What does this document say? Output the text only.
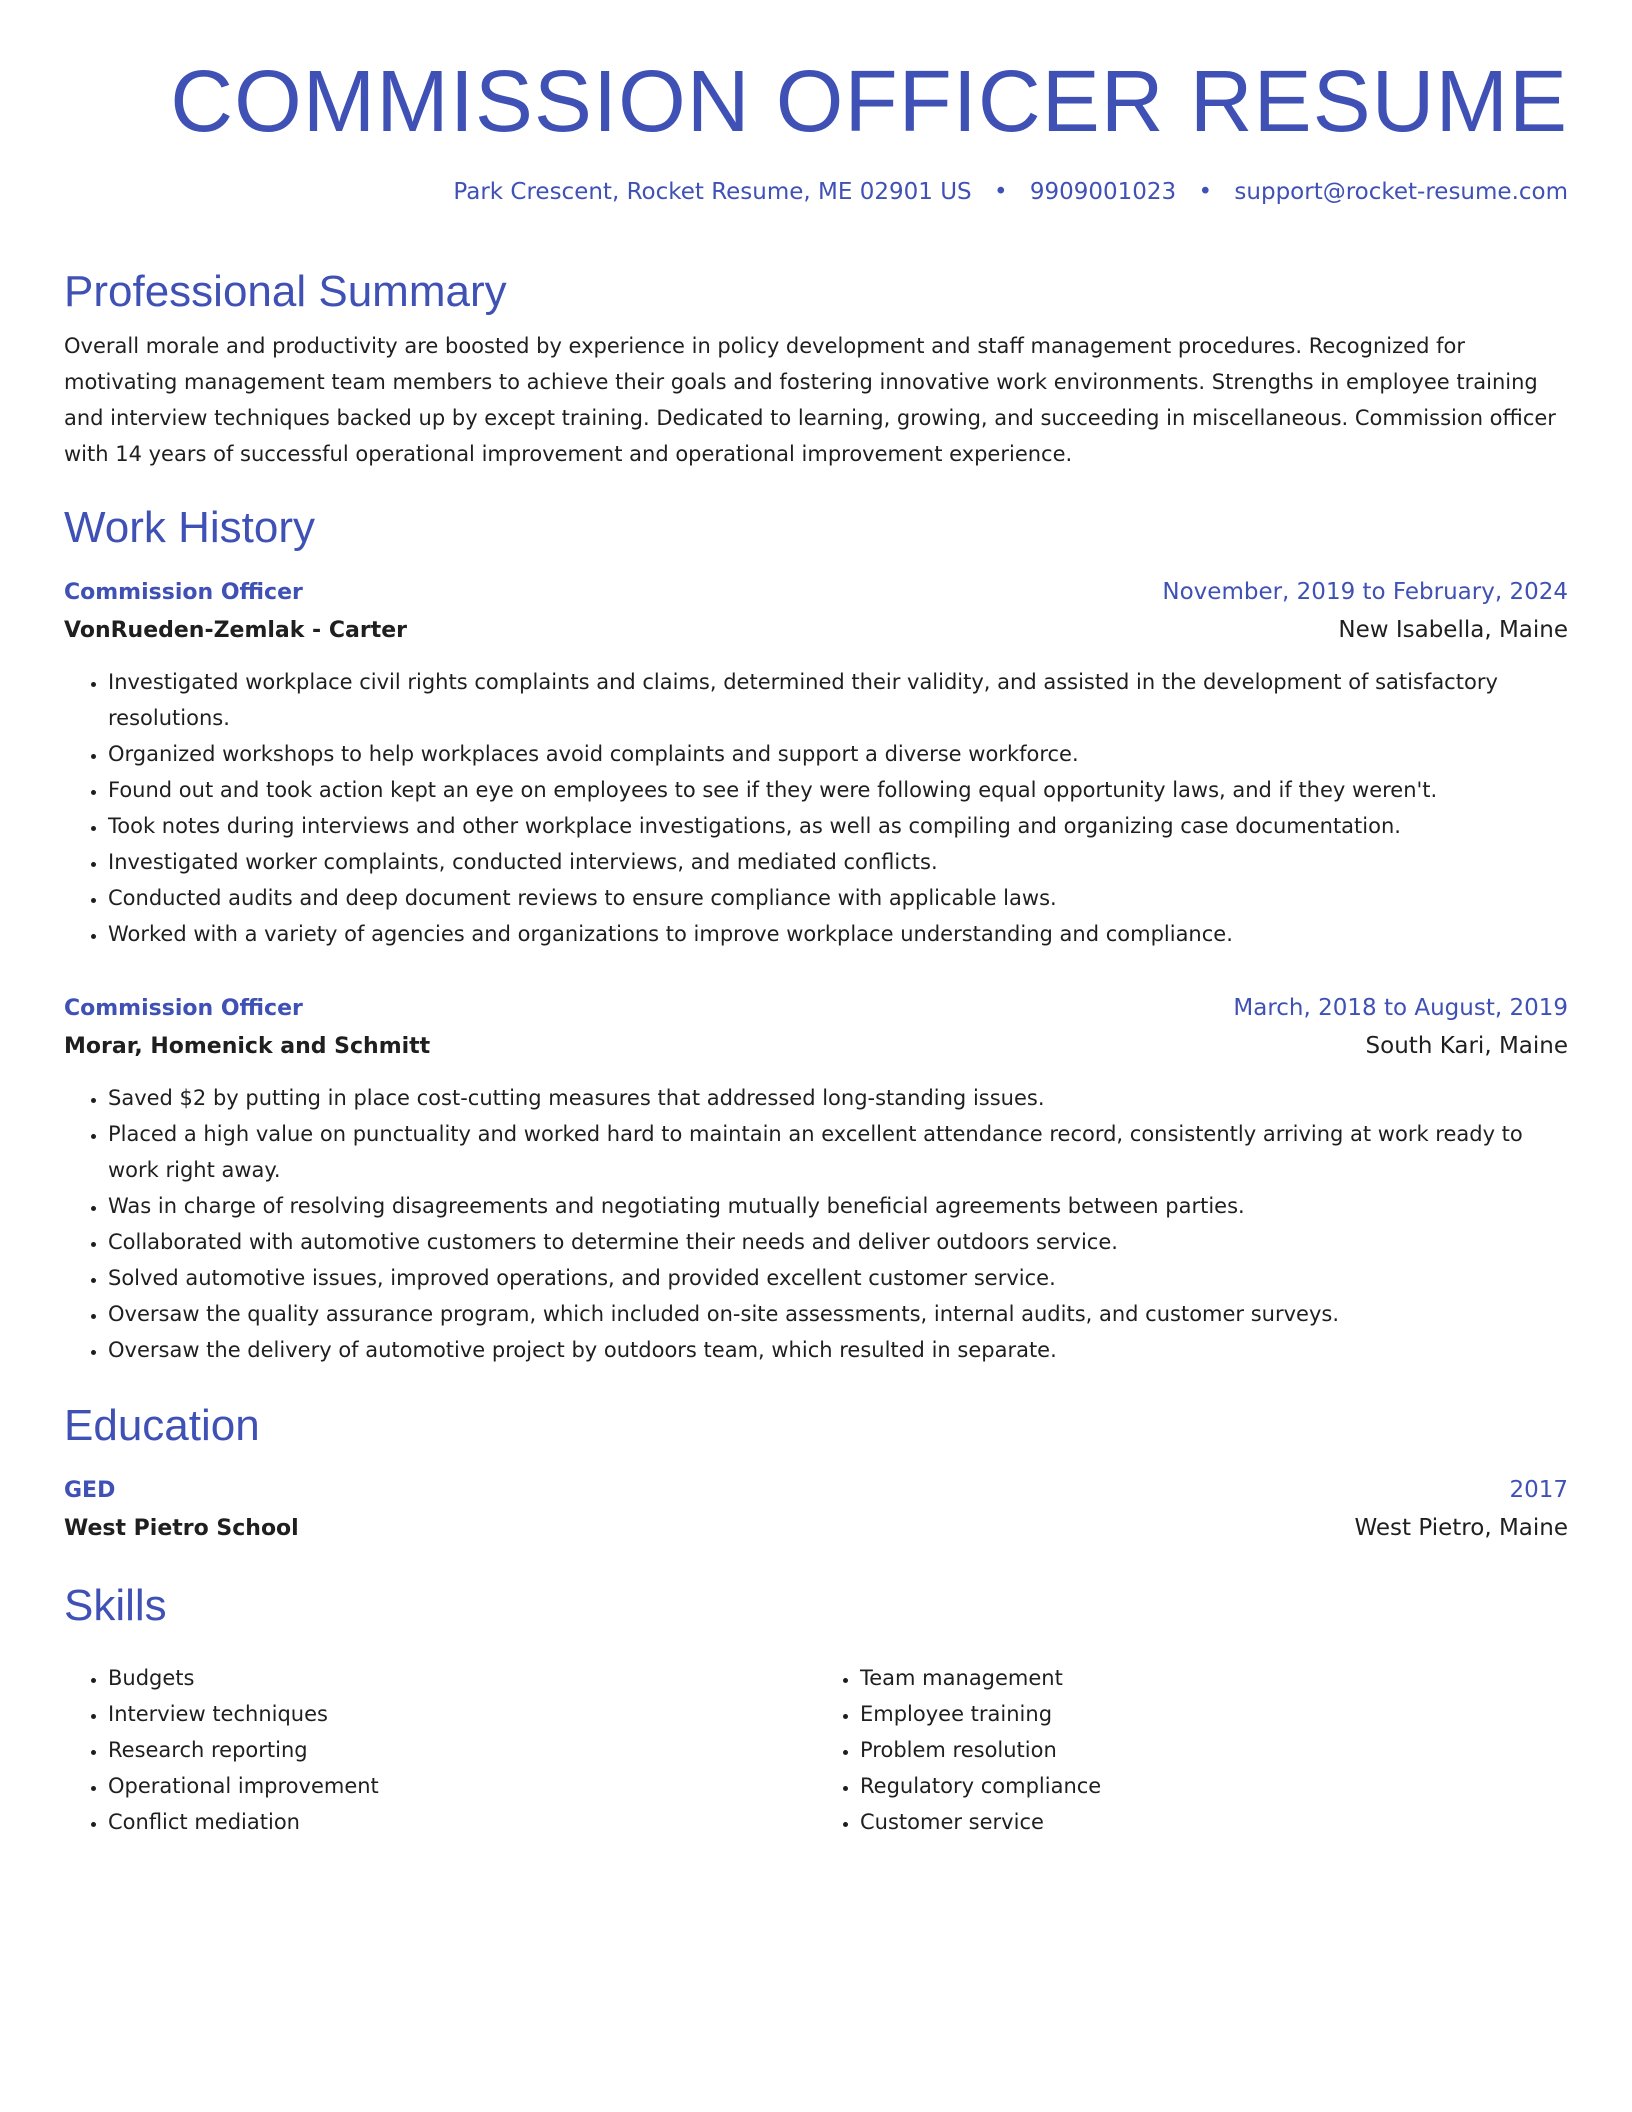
COMMISSION OFFICER RESUME
Park Crescent, Rocket Resume, ME 02901 US • 9909001023 • support@rocket-resume.com
Professional Summary

Overall morale and productivity are boosted by experience in policy development and staff management procedures. Recognized for motivating management team members to achieve their goals and fostering innovative work environments. Strengths in employee training and interview techniques backed up by except training. Dedicated to learning, growing, and succeeding in miscellaneous. Commission officer with 14 years of successful operational improvement and operational improvement experience.

Work History
Commission Officer	November, 2019 to February, 2024
VonRueden-Zemlak - Carter	New Isabella, Maine
• Investigated workplace civil rights complaints and claims, determined their validity, and assisted in the development of satisfactory resolutions.
• Organized workshops to help workplaces avoid complaints and support a diverse workforce.
• Found out and took action kept an eye on employees to see if they were following equal opportunity laws, and if they weren't.
• Took notes during interviews and other workplace investigations, as well as compiling and organizing case documentation.
• Investigated worker complaints, conducted interviews, and mediated conflicts.
• Conducted audits and deep document reviews to ensure compliance with applicable laws.
• Worked with a variety of agencies and organizations to improve workplace understanding and compliance.
Commission Officer	March, 2018 to August, 2019
Morar, Homenick and Schmitt	South Kari, Maine
• Saved $2 by putting in place cost-cutting measures that addressed long-standing issues.
• Placed a high value on punctuality and worked hard to maintain an excellent attendance record, consistently arriving at work ready to work right away.
• Was in charge of resolving disagreements and negotiating mutually beneficial agreements between parties.
• Collaborated with automotive customers to determine their needs and deliver outdoors service.
• Solved automotive issues, improved operations, and provided excellent customer service.
• Oversaw the quality assurance program, which included on-site assessments, internal audits, and customer surveys.
• Oversaw the delivery of automotive project by outdoors team, which resulted in separate.
Education
GED	2017
West Pietro School	West Pietro, Maine
Skills
• Budgets
• Interview techniques
• Research reporting
• Operational improvement
• Conflict mediation
• Team management
• Employee training
• Problem resolution
• Regulatory compliance
• Customer service
